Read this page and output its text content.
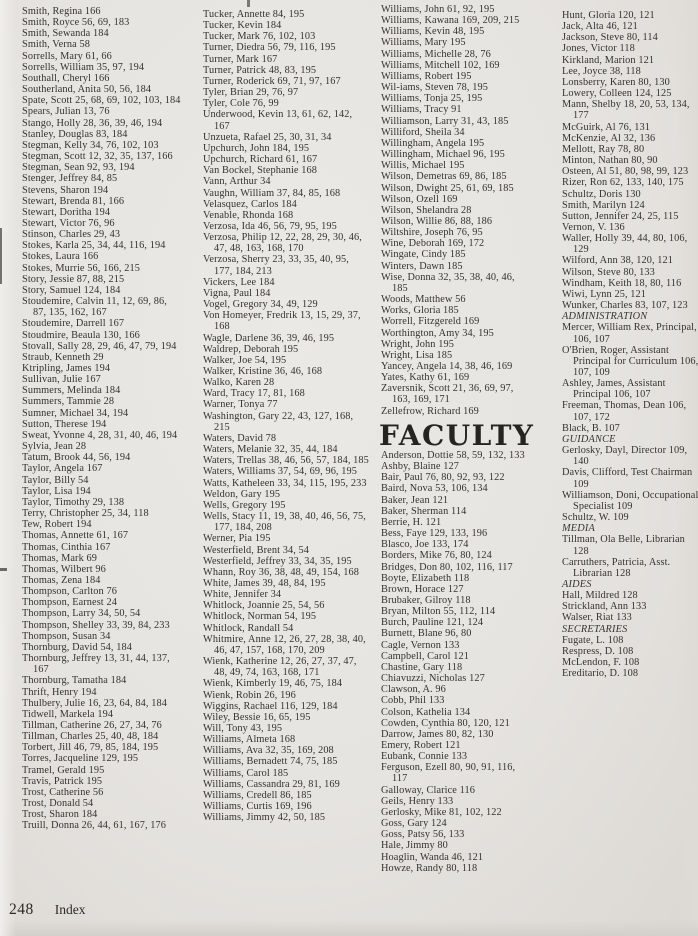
Smith, Regina 166
Smith, Royce 56, 69, 183
Smith, Sewanda 184
Smith, Verna 58
Sorrells, Mary 61, 66
Sorrells, William 35, 97, 194
Southall, Cheryl 166
Southerland, Anita 50, 56, 184
Spate, Scott 25, 68, 69, 102, 103, 184
Spears, Julian 13, 76
Stango, Holly 28, 36, 39, 46, 194
Stanley, Douglas 83, 184
Stegman, Kelly 34, 76, 102, 103
Stegman, Scott 12, 32, 35, 137, 166
Stegman, Sean 92, 93, 194
Stenger, Jeffrey 84, 85
Stevens, Sharon 194
Stewart, Brenda 81, 166
Stewart, Doritha 194
Stewart, Victor 76, 96
Stinson, Charles 29, 43
Stokes, Karla 25, 34, 44, 116, 194
Stokes, Laura 166
Stokes, Murrie 56, 166, 215
Story, Jessie 87, 88, 215
Story, Samuel 124, 184
Stoudemire, Calvin 11, 12, 69, 86, 87, 135, 162, 167
Stoudemire, Darrell 167
Stoudmire, Beaula 130, 166
Stovall, Sally 28, 29, 46, 47, 79, 194
Straub, Kenneth 29
Ktripling, James 194
Sullivan, Julie 167
Summers, Melinda 184
Summers, Tammie 28
Sumner, Michael 34, 194
Sutton, Therese 194
Sweat, Yvonne 4, 28, 31, 40, 46, 194
Sylvia, Jean 28
Tatum, Brook 44, 56, 194
Taylor, Angela 167
Taylor, Billy 54
Taylor, Lisa 194
Taylor, Timothy 29, 138
Terry, Christopher 25, 34, 118
Tew, Robert 194
Thomas, Annette 61, 167
Thomas, Cinthia 167
Thomas, Mark 69
Thomas, Wilbert 96
Thomas, Zena 184
Thompson, Carlton 76
Thompson, Earnest 24
Thompson, Larry 34, 50, 54
Thompson, Shelley 33, 39, 84, 233
Thompson, Susan 34
Thornburg, David 54, 184
Thornburg, Jeffrey 13, 31, 44, 137, 167
Thornburg, Tamatha 184
Thrift, Henry 194
Thulbery, Julie 16, 23, 64, 84, 184
Tidwell, Markela 194
Tillman, Catherine 26, 27, 34, 76
Tillman, Charles 25, 40, 48, 184
Torbert, Jill 46, 79, 85, 184, 195
Torres, Jacqueline 129, 195
Tramel, Gerald 195
Travis, Patrick 195
Trost, Catherine 56
Trost, Donald 54
Trost, Sharon 184
Truill, Donna 26, 44, 61, 167, 176
Tucker, Annette 84, 195
Tucker, Kevin 184
Tucker, Mark 76, 102, 103
Turner, Diedra 56, 79, 116, 195
Turner, Mark 167
Turner, Patrick 48, 83, 195
Turner, Roderick 69, 71, 97, 167
Tyler, Brian 29, 76, 97
Tyler, Cole 76, 99
Underwood, Kevin 13, 61, 62, 142, 167
Unzueta, Rafael 25, 30, 31, 34
Upchurch, John 184, 195
Upchurch, Richard 61, 167
Van Bockel, Stephanie 168
Vann, Arthur 34
Vaughn, William 37, 84, 85, 168
Velasquez, Carlos 184
Venable, Rhonda 168
Verzosa, Ida 46, 56, 79, 95, 195
Verzosa, Philip 12, 22, 28, 29, 30, 46, 47, 48, 163, 168, 170
Verzosa, Sherry 23, 33, 35, 40, 95, 177, 184, 213
Vickers, Lee 184
Vigna, Paul 184
Vogel, Gregory 34, 49, 129
Von Homeyer, Fredrik 13, 15, 29, 37, 168
Wagle, Darlene 36, 39, 46, 195
Waldrep, Deborah 195
Walker, Joe 54, 195
Walker, Kristine 36, 46, 168
Walko, Karen 28
Ward, Tracy 17, 81, 168
Warner, Tonya 77
Washington, Gary 22, 43, 127, 168, 215
Waters, David 78
Waters, Melanie 32, 35, 44, 184
Waters, Trellas 38, 46, 56, 57, 184, 185
Waters, Williams 37, 54, 69, 96, 195
Watts, Katheleen 33, 34, 115, 195, 233
Weldon, Gary 195
Wells, Gregory 195
Wells, Stacy 11, 19, 38, 40, 46, 56, 75, 177, 184, 208
Werner, Pia 195
Westerfield, Brent 34, 54
Westerfield, Jeffrey 33, 34, 35, 195
Whann, Roy 36, 38, 48, 49, 154, 168
White, James 39, 48, 84, 195
White, Jennifer 34
Whitlock, Joannie 25, 54, 56
Whitlock, Norman 54, 195
Whitlock, Randall 54
Whitmire, Anne 12, 26, 27, 28, 38, 40, 46, 47, 157, 168, 170, 209
Wienk, Katherine 12, 26, 27, 37, 47, 48, 49, 74, 163, 168, 171
Wienk, Kimberly 19, 46, 75, 184
Wienk, Robin 26, 196
Wiggins, Rachael 116, 129, 184
Wiley, Bessie 16, 65, 195
Will, Tony 43, 195
Williams, Almeta 168
Williams, Ava 32, 35, 169, 208
Williams, Bernadett 74, 75, 185
Williams, Carol 185
Williams, Cassandra 29, 81, 169
Williams, Credell 86, 185
Williams, Curtis 169, 196
Williams, Jimmy 42, 50, 185
Williams, John 61, 92, 195
Williams, Kawana 169, 209, 215
Williams, Kevin 48, 195
Williams, Mary 195
Williams, Michelle 28, 76
Williams, Mitchell 102, 169
Williams, Robert 195
Wil-iams, Steven 78, 195
Williams, Tonja 25, 195
Williams, Tracy 91
Williamson, Larry 31, 43, 185
Williford, Sheila 34
Willingham, Angela 195
Willingham, Michael 96, 195
Willis, Michael 195
Wilson, Demetras 69, 86, 185
Wilson, Dwight 25, 61, 69, 185
Wilson, Ozell 169
Wilson, Shelandra 28
Wilson, Willie 86, 88, 186
Wiltshire, Joseph 76, 95
Wine, Deborah 169, 172
Wingate, Cindy 185
Winters, Dawn 185
Wise, Donna 32, 35, 38, 40, 46, 185
Woods, Matthew 56
Works, Gloria 185
Worrell, Fitzgereld 169
Worthington, Amy 34, 195
Wright, John 195
Wright, Lisa 185
Yancey, Angela 14, 38, 46, 169
Yates, Kathy 61, 169
Zaversnik, Scott 21, 36, 69, 97, 163, 169, 171
Zellefrow, Richard 169
FACULTY
Anderson, Dottie 58, 59, 132, 133
Ashby, Blaine 127
Bair, Paul 76, 80, 92, 93, 122
Baird, Nova 53, 106, 134
Baker, Jean 121
Baker, Sherman 114
Berrie, H. 121
Bess, Faye 129, 133, 196
Blasco, Joe 133, 174
Borders, Mike 76, 80, 124
Bridges, Don 80, 102, 116, 117
Boyte, Elizabeth 118
Brown, Horace 127
Brubaker, Gilroy 118
Bryan, Milton 55, 112, 114
Burch, Pauline 121, 124
Burnett, Blane 96, 80
Cagle, Vernon 133
Campbell, Carol 121
Chastine, Gary 118
Chiavuzzi, Nicholas 127
Clawson, A. 96
Cobb, Phil 133
Colson, Kathelia 134
Cowden, Cynthia 80, 120, 121
Darrow, James 80, 82, 130
Emery, Robert 121
Eubank, Connie 133
Ferguson, Ezell 80, 90, 91, 116, 117
Galloway, Clarice 116
Geils, Henry 133
Gerlosky, Mike 81, 102, 122
Goss, Gary 124
Goss, Patsy 56, 133
Hale, Jimmy 80
Hoaglin, Wanda 46, 121
Howze, Randy 80, 118
Hunt, Gloria 120, 121
Jack, Alta 46, 121
Jackson, Steve 80, 114
Jones, Victor 118
Kirkland, Marion 121
Lee, Joyce 38, 118
Lonsberry, Karen 80, 130
Lowery, Colleen 124, 125
Mann, Shelby 18, 20, 53, 134, 177
McGuirk, Al 76, 131
McKenzie, Al 32, 136
Mellott, Ray 78, 80
Minton, Nathan 80, 90
Osteen, Al 51, 80, 98, 99, 123
Rizer, Ron 62, 133, 140, 175
Schultz, Doris 130
Smith, Marilyn 124
Sutton, Jennifer 24, 25, 115
Vernon, V. 136
Waller, Holly 39, 44, 80, 106, 129
Wilford, Ann 38, 120, 121
Wilson, Steve 80, 133
Windham, Keith 18, 80, 116
Wiwi, Lynn 25, 121
Wunker, Charles 83, 107, 123
ADMINISTRATION
Mercer, William Rex, Principal, 106, 107
O'Brien, Roger, Assistant Principal for Curriculum 106, 107, 109
Ashley, James, Assistant Principal 106, 107
Freeman, Thomas, Dean 106, 107, 172
Black, B. 107
GUIDANCE
Gerlosky, Dayl, Director 109, 140
Davis, Clifford, Test Chairman 109
Williamson, Doni, Occupational Specialist 109
Schultz, W. 109
MEDIA
Tillman, Ola Belle, Librarian 128
Carruthers, Patricia, Asst. Librarian 128
AIDES
Hall, Mildred 128
Strickland, Ann 133
Walser, Riat 133
SECRETARIES
Fugate, L. 108
Respress, D. 108
McLendon, F. 108
Ereditario, D. 108
248 Index
